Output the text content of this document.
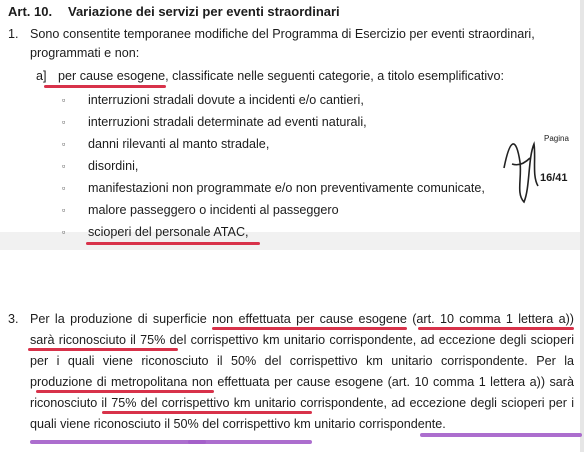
Art. 10. Variazione dei servizi per eventi straordinari
1. Sono consentite temporanee modifiche del Programma di Esercizio per eventi straordinari,
programmati e non:
a] per cause esogene, classificate nelle seguenti categorie, a titolo esemplificativo:
▫ interruzioni stradali dovute a incidenti e/o cantieri,
▫ interruzioni stradali determinate ad eventi naturali,
▫ danni rilevanti al manto stradale,
▫ disordini,
▫ manifestazioni non programmate e/o non preventivamente comunicate,
▫ malore passeggero o incidenti al passeggero
▫ scioperi del personale ATAC,
Pagina
16/41
3. Per la produzione di superficie non effettuata per cause esogene (art. 10 comma 1 lettera a))
sarà riconosciuto il 75% del corrispettivo km unitario corrispondente, ad eccezione degli scioperi
per i quali viene riconosciuto il 50% del corrispettivo km unitario corrispondente. Per la
produzione di metropolitana non effettuata per cause esogene (art. 10 comma 1 lettera a)) sarà
riconosciuto il 75% del corrispettivo km unitario corrispondente, ad eccezione degli scioperi per i
quali viene riconosciuto il 50% del corrispettivo km unitario corrispondente.
